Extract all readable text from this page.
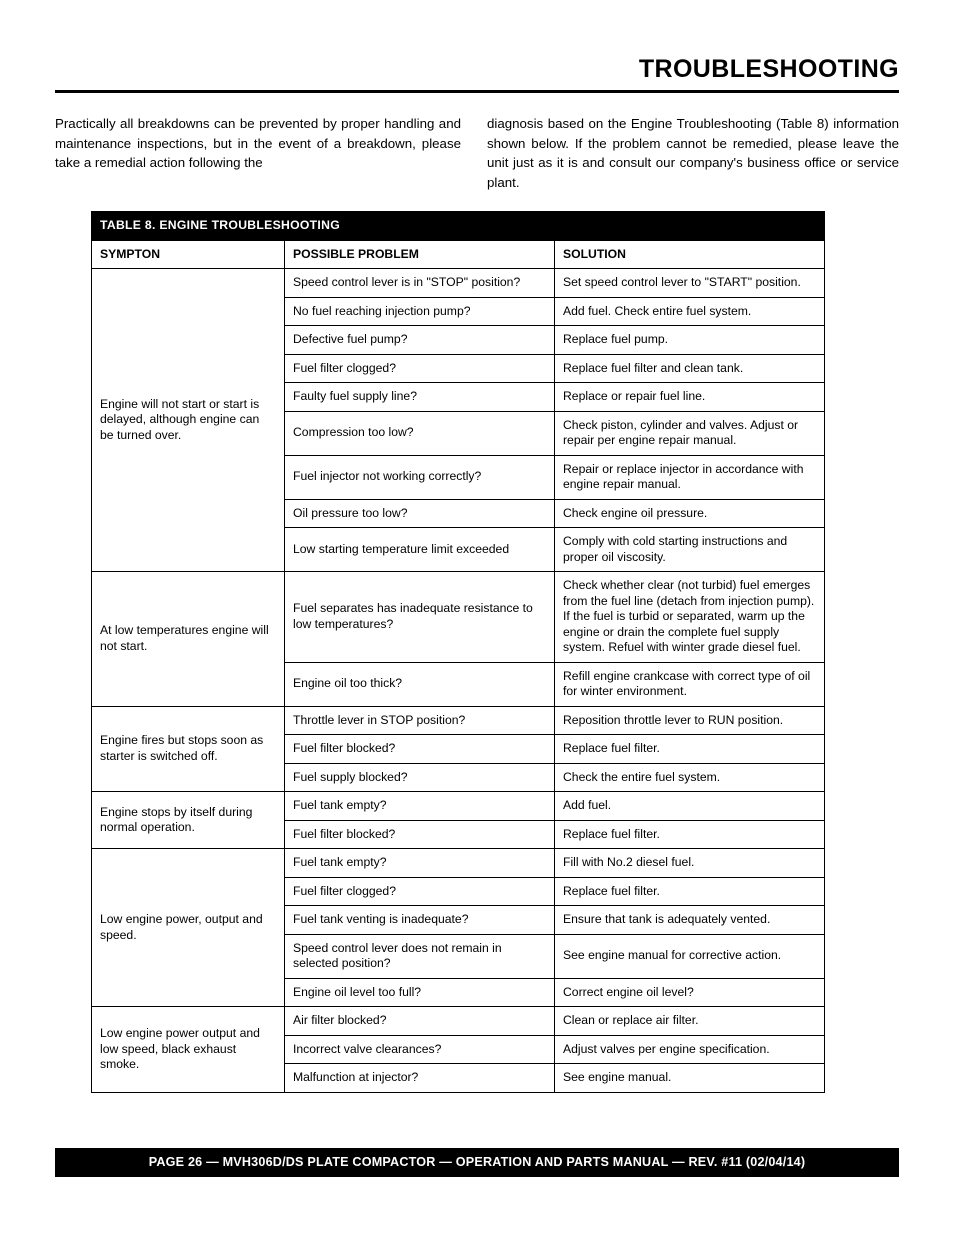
TROUBLESHOOTING
Practically all breakdowns can be prevented by proper handling and maintenance inspections, but in the event of a breakdown, please take a remedial action following the
diagnosis based on the Engine Troubleshooting (Table 8) information shown below. If the problem cannot be remedied, please leave the unit just as it is and consult our company's business office or service plant.
TABLE 8. ENGINE TROUBLESHOOTING		
SYMPTON	POSSIBLE PROBLEM	SOLUTION
Engine will not start or start is delayed, although engine can be turned over.	Speed control lever is in "STOP" position?	Set speed control lever to "START" position.
	No fuel reaching injection pump?	Add fuel. Check entire fuel system.
	Defective fuel pump?	Replace fuel pump.
	Fuel filter clogged?	Replace fuel filter and clean tank.
	Faulty fuel supply line?	Replace or repair fuel line.
	Compression too low?	Check piston, cylinder and valves. Adjust or repair per engine repair manual.
	Fuel injector not working correctly?	Repair or replace injector in accordance with engine repair manual.
	Oil pressure too low?	Check engine oil pressure.
	Low starting temperature limit exceeded	Comply with cold starting instructions and proper oil viscosity.
At low temperatures engine will not start.	Fuel separates has inadequate resistance to low temperatures?	Check whether clear (not turbid) fuel emerges from the fuel line (detach from injection pump). If the fuel is turbid or separated, warm up the engine or drain the complete fuel supply system. Refuel with winter grade diesel fuel.
	Engine oil too thick?	Refill engine crankcase with correct type of oil for winter environment.
Engine fires but stops soon as starter is switched off.	Throttle lever in STOP position?	Reposition throttle lever to RUN position.
	Fuel filter blocked?	Replace fuel filter.
	Fuel supply blocked?	Check the entire fuel system.
Engine stops by itself during normal operation.	Fuel tank empty?	Add fuel.
	Fuel filter blocked?	Replace fuel filter.
Low engine power, output and speed.	Fuel tank empty?	Fill with No.2 diesel fuel.
	Fuel filter clogged?	Replace fuel filter.
	Fuel tank venting is inadequate?	Ensure that tank is adequately vented.
	Speed control lever does not remain in selected position?	See engine manual for corrective action.
	Engine oil level too full?	Correct engine oil level?
Low engine power output and low speed, black exhaust smoke.	Air filter blocked?	Clean or replace air filter.
	Incorrect valve clearances?	Adjust valves per engine specification.
	Malfunction at injector?	See engine manual.
PAGE 26 — MVH306D/DS PLATE COMPACTOR — OPERATION AND PARTS MANUAL — REV. #11 (02/04/14)
